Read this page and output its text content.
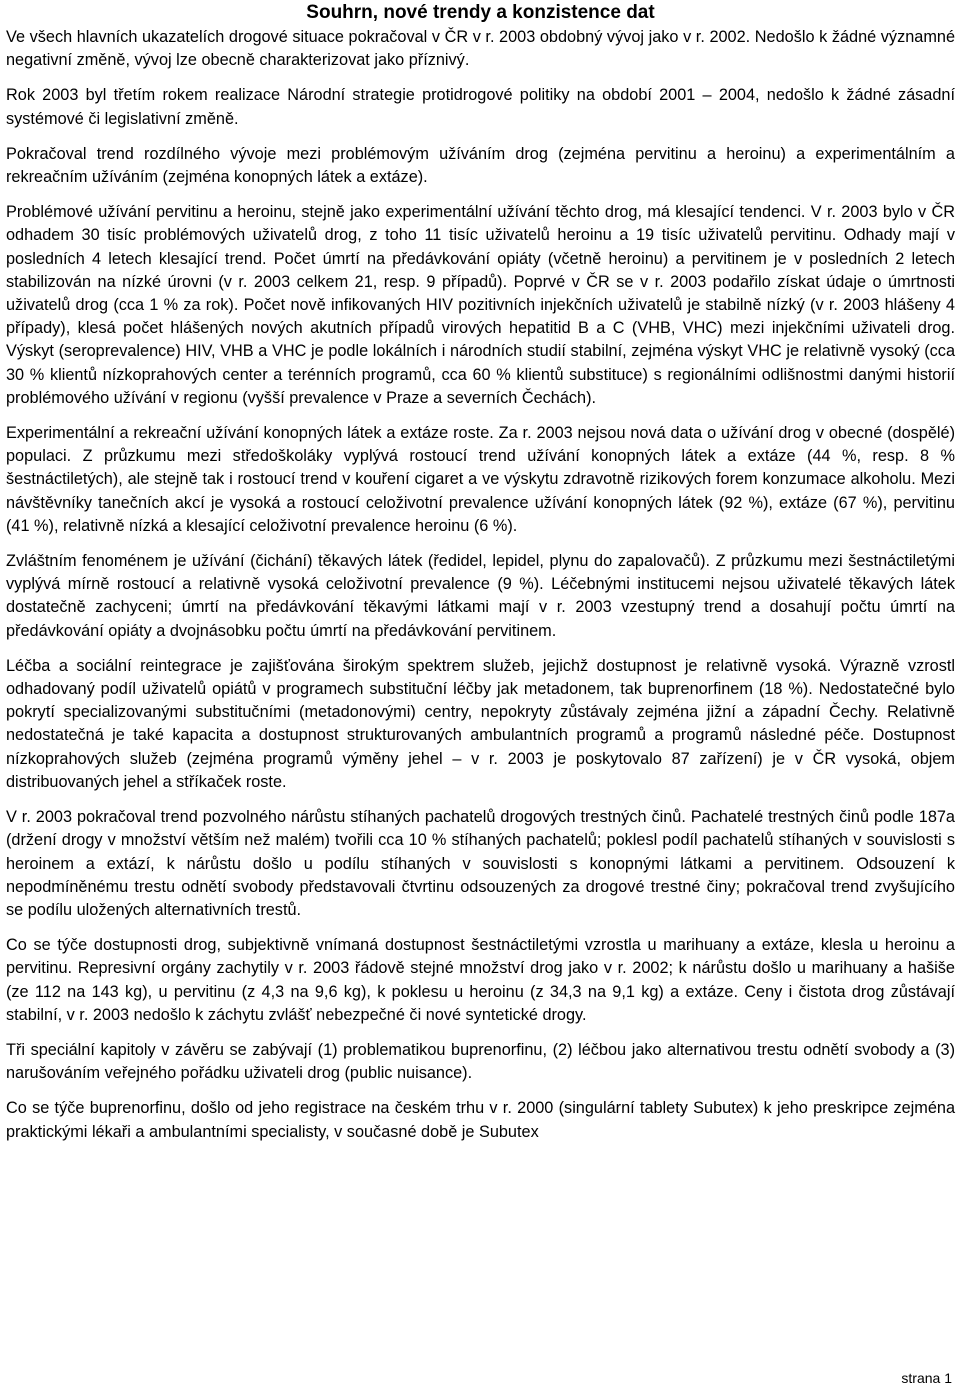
Souhrn, nové trendy a konzistence dat

Ve všech hlavních ukazatelích drogové situace pokračoval v ČR v r. 2003 obdobný vývoj jako v r. 2002. Nedošlo k žádné významné negativní změně, vývoj lze obecně charakterizovat jako příznivý.

Rok 2003 byl třetím rokem realizace Národní strategie protidrogové politiky na období 2001 – 2004, nedošlo k žádné zásadní systémové či legislativní změně.

Pokračoval trend rozdílného vývoje mezi problémovým užíváním drog (zejména pervitinu a heroinu) a experimentálním a rekreačním užíváním (zejména konopných látek a extáze).

Problémové užívání pervitinu a heroinu, stejně jako experimentální užívání těchto drog, má klesající tendenci. V r. 2003 bylo v ČR odhadem 30 tisíc problémových uživatelů drog, z toho 11 tisíc uživatelů heroinu a 19 tisíc uživatelů pervitinu. Odhady mají v posledních 4 letech klesající trend. Počet úmrtí na předávkování opiáty (včetně heroinu) a pervitinem je v posledních 2 letech stabilizován na nízké úrovni (v r. 2003 celkem 21, resp. 9 případů). Poprvé v ČR se v r. 2003 podařilo získat údaje o úmrtnosti uživatelů drog (cca 1 % za rok). Počet nově infikovaných HIV pozitivních injekčních uživatelů je stabilně nízký (v r. 2003 hlášeny 4 případy), klesá počet hlášených nových akutních případů virových hepatitid B a C (VHB, VHC) mezi injekčními uživateli drog. Výskyt (seroprevalence) HIV, VHB a VHC je podle lokálních i národních studií stabilní, zejména výskyt VHC je relativně vysoký (cca 30 % klientů nízkoprahových center a terénních programů, cca 60 % klientů substituce) s regionálními odlišnostmi danými historií problémového užívání v regionu (vyšší prevalence v Praze a severních Čechách).

Experimentální a rekreační užívání konopných látek a extáze roste. Za r. 2003 nejsou nová data o užívání drog v obecné (dospělé) populaci. Z průzkumu mezi středoškoláky vyplývá rostoucí trend užívání konopných látek a extáze (44 %, resp. 8 % šestnáctiletých), ale stejně tak i rostoucí trend v kouření cigaret a ve výskytu zdravotně rizikových forem konzumace alkoholu. Mezi návštěvníky tanečních akcí je vysoká a rostoucí celoživotní prevalence užívání konopných látek (92 %), extáze (67 %), pervitinu (41 %), relativně nízká a klesající celoživotní prevalence heroinu (6 %).

Zvláštním fenoménem je užívání (čichání) těkavých látek (ředidel, lepidel, plynu do zapalovačů). Z průzkumu mezi šestnáctiletými vyplývá mírně rostoucí a relativně vysoká celoživotní prevalence (9 %). Léčebnými institucemi nejsou uživatelé těkavých látek dostatečně zachyceni; úmrtí na předávkování těkavými látkami mají v r. 2003 vzestupný trend a dosahují počtu úmrtí na předávkování opiáty a dvojnásobku počtu úmrtí na předávkování pervitinem.

Léčba a sociální reintegrace je zajišťována širokým spektrem služeb, jejichž dostupnost je relativně vysoká. Výrazně vzrostl odhadovaný podíl uživatelů opiátů v programech substituční léčby jak metadonem, tak buprenorfinem (18 %). Nedostatečné bylo pokrytí specializovanými substitučními (metadonovými) centry, nepokryty zůstávaly zejména jižní a západní Čechy. Relativně nedostatečná je také kapacita a dostupnost strukturovaných ambulantních programů a programů následné péče. Dostupnost nízkoprahových služeb (zejména programů výměny jehel – v r. 2003 je poskytovalo 87 zařízení) je v ČR vysoká, objem distribuovaných jehel a stříkaček roste.

V r. 2003 pokračoval trend pozvolného nárůstu stíhaných pachatelů drogových trestných činů. Pachatelé trestných činů podle 187a (držení drogy v množství větším než malém) tvořili cca 10 % stíhaných pachatelů; poklesl podíl pachatelů stíhaných v souvislosti s heroinem a extází, k nárůstu došlo u podílu stíhaných v souvislosti s konopnými látkami a pervitinem. Odsouzení k nepodmíněnému trestu odnětí svobody představovali čtvrtinu odsouzených za drogové trestné činy; pokračoval trend zvyšujícího se podílu uložených alternativních trestů.

Co se týče dostupnosti drog, subjektivně vnímaná dostupnost šestnáctiletými vzrostla u marihuany a extáze, klesla u heroinu a pervitinu. Represivní orgány zachytily v r. 2003 řádově stejné množství drog jako v r. 2002; k nárůstu došlo u marihuany a hašiše (ze 112 na 143 kg), u pervitinu (z 4,3 na 9,6 kg), k poklesu u heroinu (z 34,3 na 9,1 kg) a extáze. Ceny i čistota drog zůstávají stabilní, v r. 2003 nedošlo k záchytu zvlášť nebezpečné či nové syntetické drogy.

Tři speciální kapitoly v závěru se zabývají (1) problematikou buprenorfinu, (2) léčbou jako alternativou trestu odnětí svobody a (3) narušováním veřejného pořádku uživateli drog (public nuisance).

Co se týče buprenorfinu, došlo od jeho registrace na českém trhu v r. 2000 (singulární tablety Subutex) k jeho preskripce zejména praktickými lékaři a ambulantními specialisty, v současné době je Subutex

strana 1
